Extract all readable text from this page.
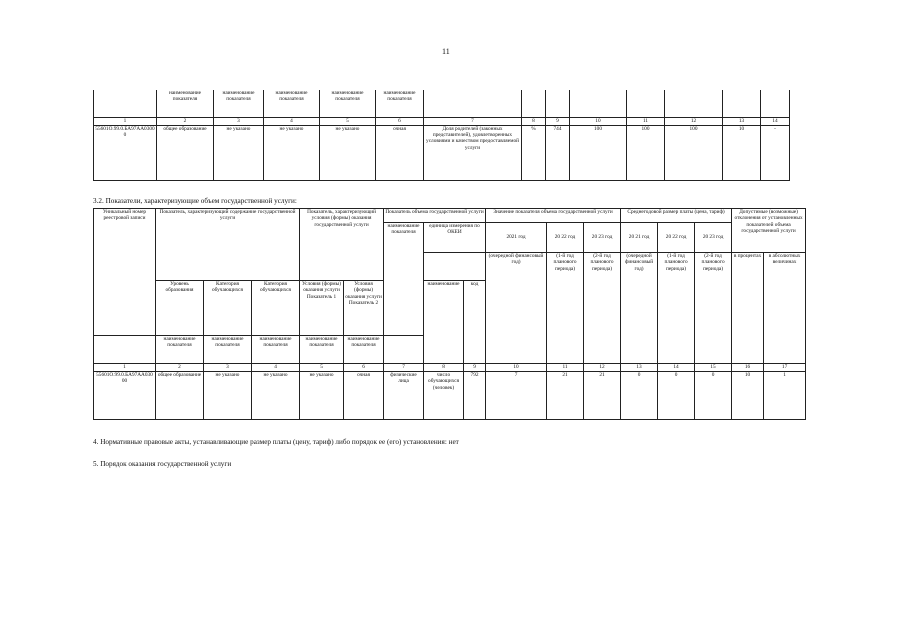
11
	наименование показателя	наименование показателя	наименование показателя	наименование показателя	наименование показателя								
1	2	3	4	5	6	7	8	9	10	11	12	13	14
55601О.99.0.БА97АА03000	общее образование	не указано	не указано	не указано	очная	Доля родителей (законных представителей), удовлетворенных условиями и качеством предоставляемой услуги	%	744	100	100	100	10	-
3.2. Показатели, характеризующие объем государственной услуги:
Уникальный номер реестровой записи	Показатель, характеризующий содержание государственной услуги			Показатель, характеризующий условия (формы) оказания государственной услуги		Показатель объема государственной услуги			Значение показателя объема государственной услуги			Среднегодовой размер платы (цена, тариф)			Допустимые (возможные) отклонения от установленных показателей объема государственной услуги	
						наименование показателя	единица измерения по ОКЕИ		2021 год	20 22 год	20 23 год	20 21 год	20 22 год	20 23 год		
									(очередной финансовый год)	(1-й год планового периода)	(2-й год планового периода)	(очередной финансовый год)	(1-й год планового периода)	(2-й год планового периода)	в процентах	в абсолютных величинах
	Уровень образования	Категория обучающихся	Категория обучающихся	Условия (формы) оказания услуги Показатель 1	Условия (формы) оказания услуги Показатель 2		наименование	код								
	наименование показателя	наименование показателя	наименование показателя	наименование показателя	наименование показателя											
1	2	3	4	5	6	7	8	9	10	11	12	13	14	15	16	17
55601О.99.0.БА97АА03000	общее образование	не указано	не указано	не указано	очная	физические лица	число обучающихся (человек)	792	7	21	21	0	0	0	10	1
4. Нормативные правовые акты, устанавливающие размер платы (цену, тариф) либо порядок ее (его) установления: нет
5. Порядок оказания государственной услуги
